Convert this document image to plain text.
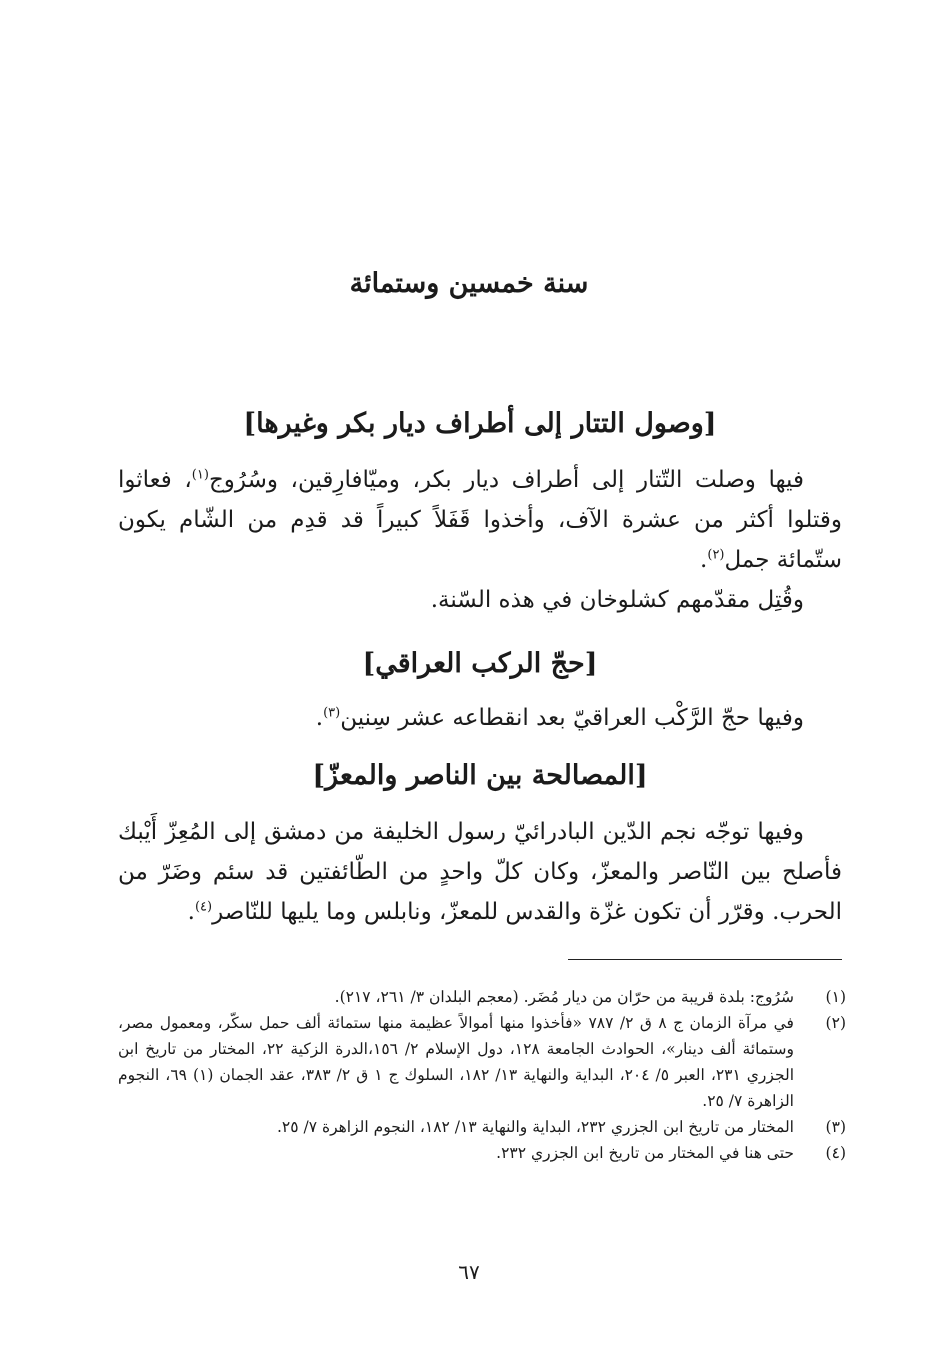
سنة خمسين وستمائة
[وصول التتار إلى أطراف ديار بكر وغيرها]

فيها وصلت التّتار إلى أطراف ديار بكر، وميّافارِقين، وسُرُوج$^{(١)}$، فعاثوا وقتلوا أكثر من عشرة الآف، وأخذوا قَفَلاً كبيراً قد قدِم من الشّام يكون ستّمائة جمل$^{(٢)}$.

وقُتِل مقدّمهم كشلوخان في هذه السّنة.

[حجّ الركب العراقي]

وفيها حجّ الرَّكْب العراقيّ بعد انقطاعه عشر سِنين$^{(٣)}$.

[المصالحة بين الناصر والمعزّ]

وفيها توجّه نجم الدّين البادرائيّ رسول الخليفة من دمشق إلى المُعِزّ أَيْبك فأصلح بين النّاصر والمعزّ، وكان كلّ واحدٍ من الطّائفتين قد سئم وضَرّ من الحرب. وقرّر أن تكون غزّة والقدس للمعزّ، ونابلس وما يليها للنّاصر$^{(٤)}$.

(١)
سُرُوج: بلدة قريبة من حرّان من ديار مُضَر. (معجم البلدان ٣/ ٢٦١، ٢١٧).
(٢)
في مرآة الزمان ج ٨ ق ٢/ ٧٨٧ «فأخذوا منها أموالاً عظيمة منها ستمائة ألف حمل سكّر، ومعمول مصر، وستمائة ألف دينار»، الحوادث الجامعة ١٢٨، دول الإسلام ٢/ ١٥٦،الدرة الزكية ٢٢، المختار من تاريخ ابن الجزري ٢٣١، العبر ٥/ ٢٠٤، البداية والنهاية ١٣/ ١٨٢، السلوك ج ١ ق ٢/ ٣٨٣، عقد الجمان (١) ٦٩، النجوم الزاهرة ٧/ ٢٥.
(٣)
المختار من تاريخ ابن الجزري ٢٣٢، البداية والنهاية ١٣/ ١٨٢، النجوم الزاهرة ٧/ ٢٥.
(٤)
حتى هنا في المختار من تاريخ ابن الجزري ٢٣٢.

٦٧
